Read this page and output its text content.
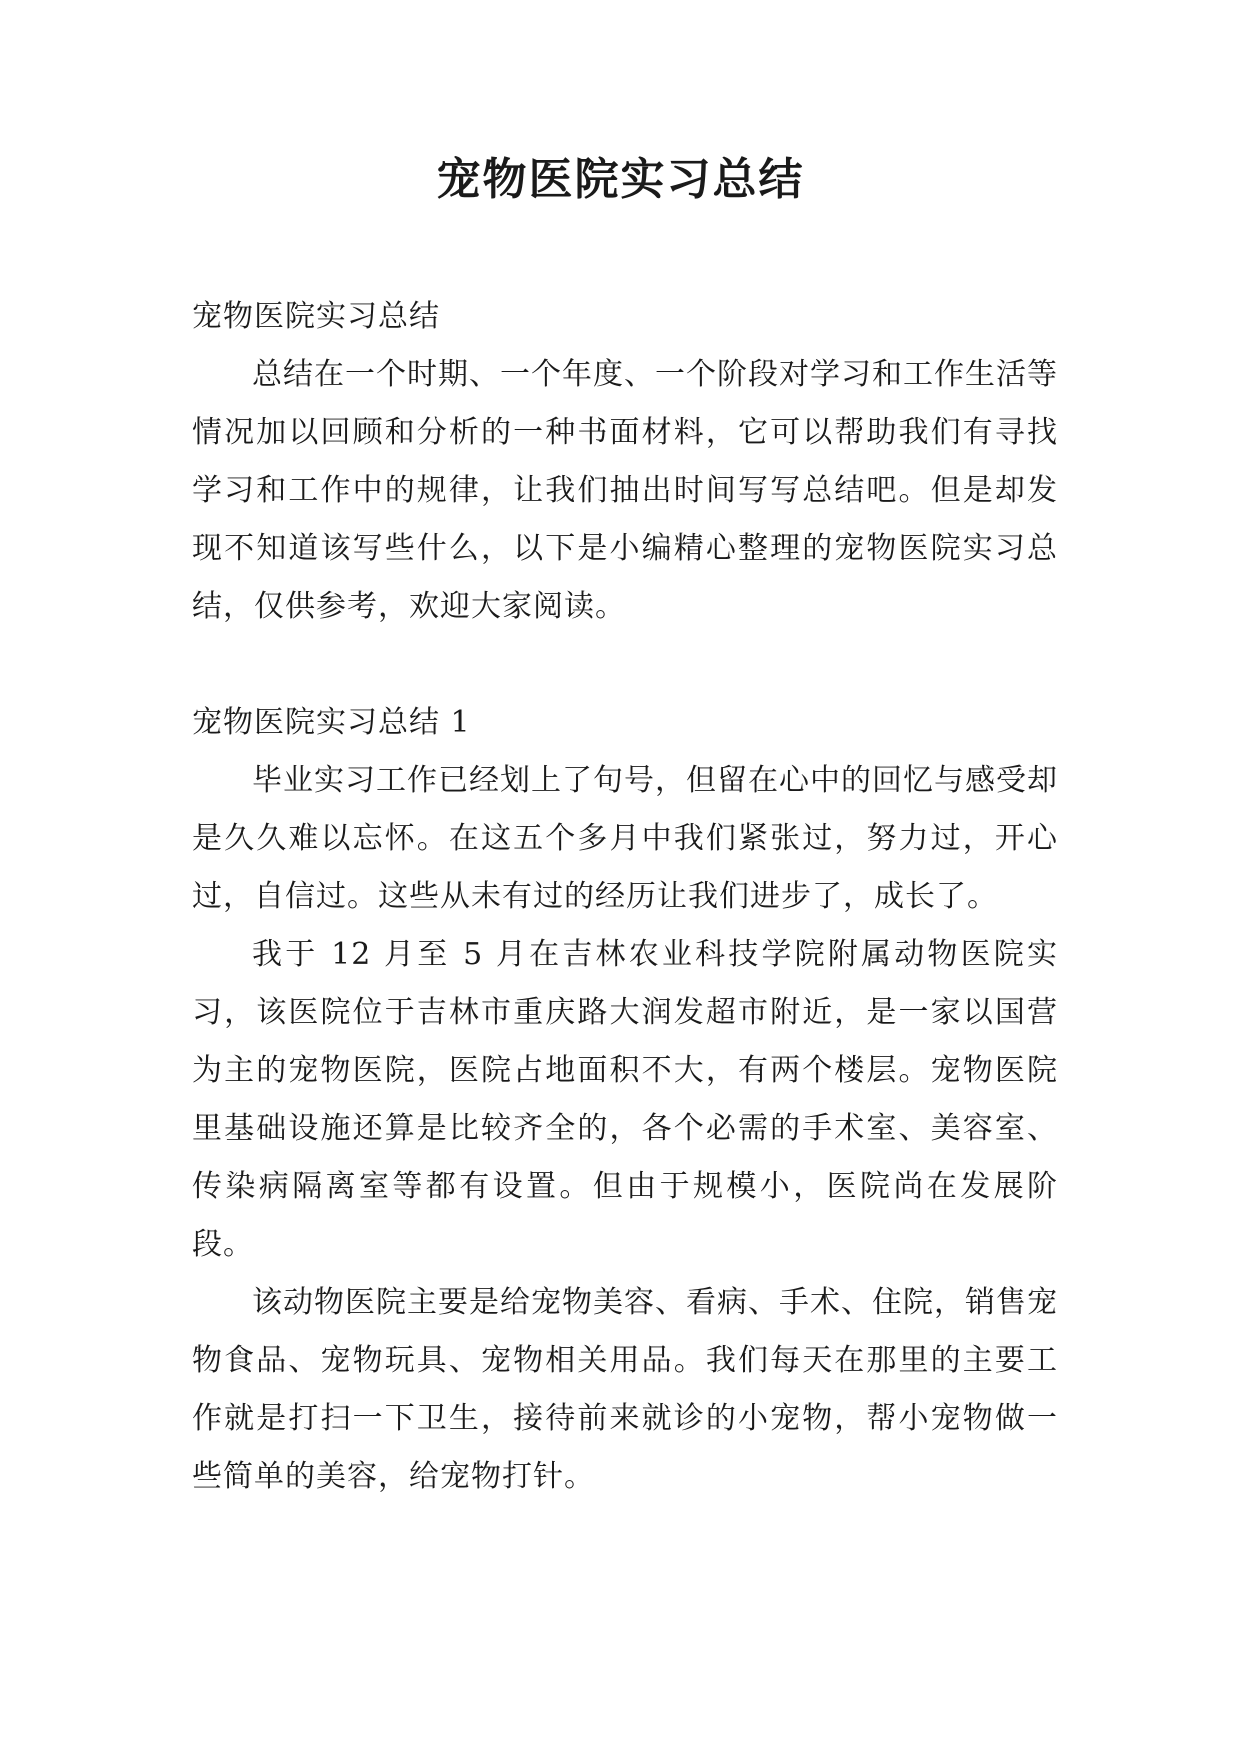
宠物医院实习总结

宠物医院实习总结

总结在一个时期、一个年度、一个阶段对学习和工作生活等情况加以回顾和分析的一种书面材料，它可以帮助我们有寻找学习和工作中的规律，让我们抽出时间写写总结吧。但是却发现不知道该写些什么，以下是小编精心整理的宠物医院实习总结，仅供参考，欢迎大家阅读。

宠物医院实习总结 1

毕业实习工作已经划上了句号，但留在心中的回忆与感受却是久久难以忘怀。在这五个多月中我们紧张过，努力过，开心过，自信过。这些从未有过的经历让我们进步了，成长了。

我于 12 月至 5 月在吉林农业科技学院附属动物医院实习，该医院位于吉林市重庆路大润发超市附近，是一家以国营为主的宠物医院，医院占地面积不大，有两个楼层。宠物医院里基础设施还算是比较齐全的，各个必需的手术室、美容室、传染病隔离室等都有设置。但由于规模小，医院尚在发展阶段。

该动物医院主要是给宠物美容、看病、手术、住院，销售宠物食品、宠物玩具、宠物相关用品。我们每天在那里的主要工作就是打扫一下卫生，接待前来就诊的小宠物，帮小宠物做一些简单的美容，给宠物打针。
